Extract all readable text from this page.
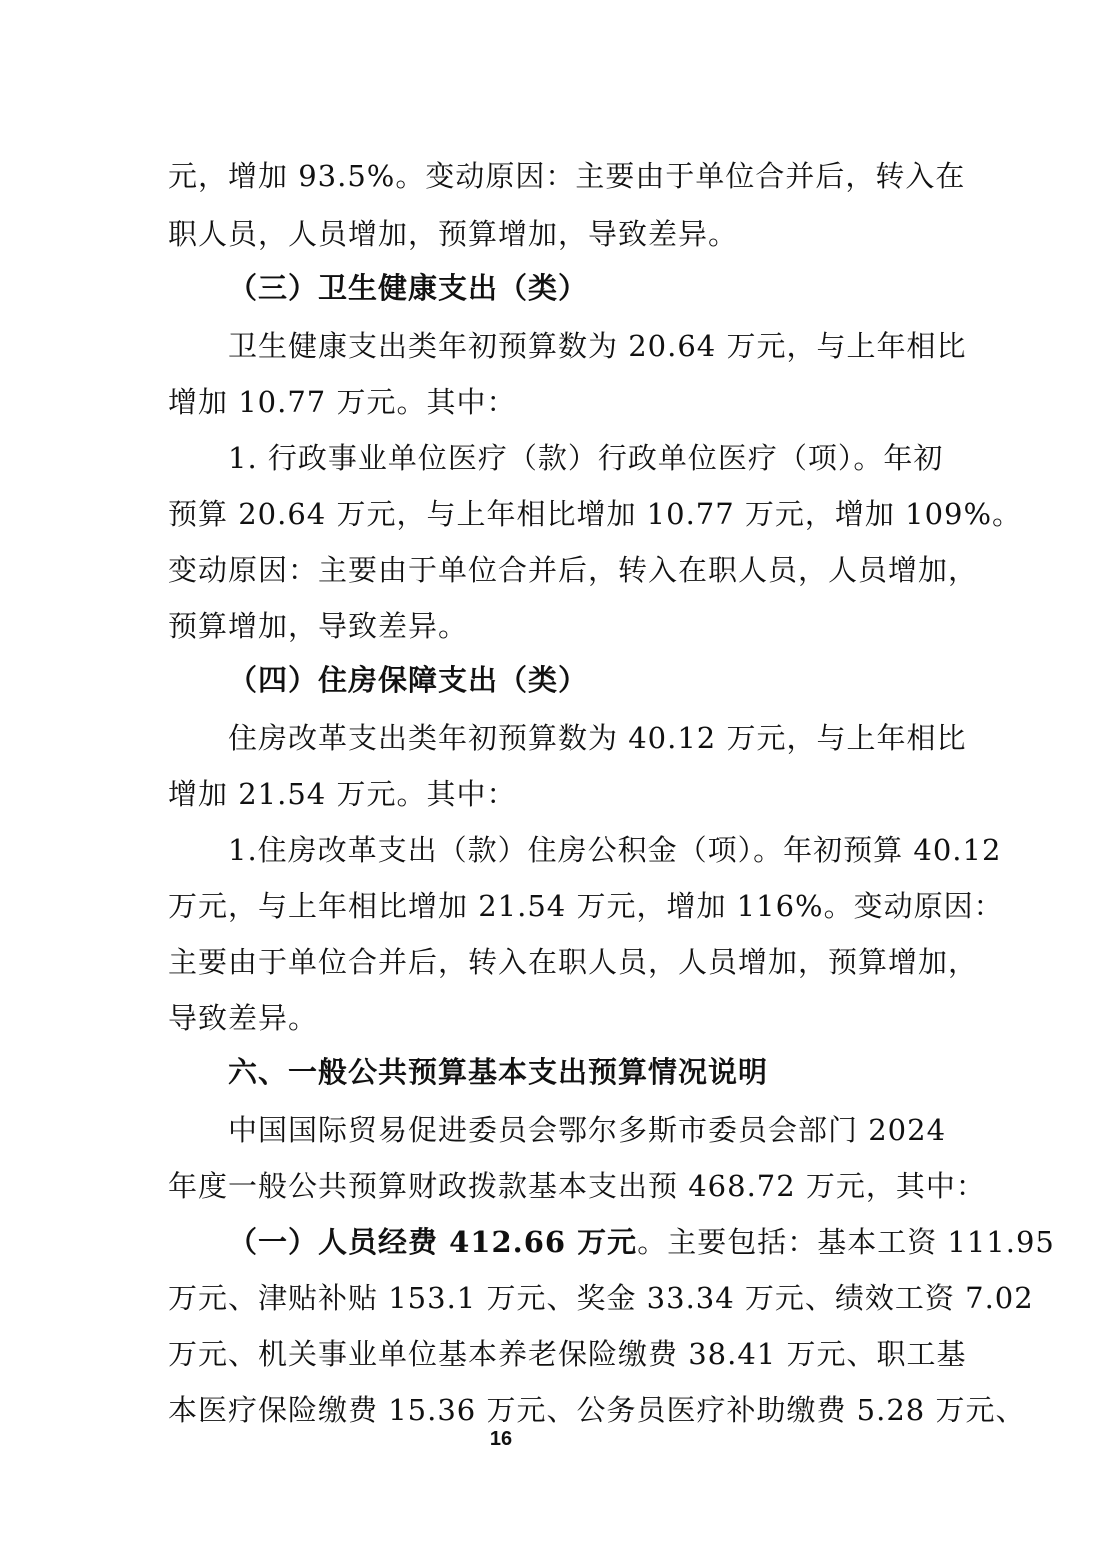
元，增加 93.5%。变动原因：主要由于单位合并后，转入在
职人员，人员增加，预算增加，导致差异。
（三）卫生健康支出（类）
卫生健康支出类年初预算数为 20.64 万元，与上年相比
增加 10.77 万元。其中：
1. 行政事业单位医疗（款）行政单位医疗（项）。年初
预算 20.64 万元，与上年相比增加 10.77 万元，增加 109%。
变动原因：主要由于单位合并后，转入在职人员，人员增加，
预算增加，导致差异。
（四）住房保障支出（类）
住房改革支出类年初预算数为 40.12 万元，与上年相比
增加 21.54 万元。其中：
1.住房改革支出（款）住房公积金（项）。年初预算 40.12
万元，与上年相比增加 21.54 万元，增加 116%。变动原因：
主要由于单位合并后，转入在职人员，人员增加，预算增加，
导致差异。
六、一般公共预算基本支出预算情况说明
中国国际贸易促进委员会鄂尔多斯市委员会部门 2024
年度一般公共预算财政拨款基本支出预 468.72 万元，其中：
（一）人员经费 412.66 万元。主要包括：基本工资 111.95
万元、津贴补贴 153.1 万元、奖金 33.34 万元、绩效工资 7.02
万元、机关事业单位基本养老保险缴费 38.41 万元、职工基
本医疗保险缴费 15.36 万元、公务员医疗补助缴费 5.28 万元、
16
